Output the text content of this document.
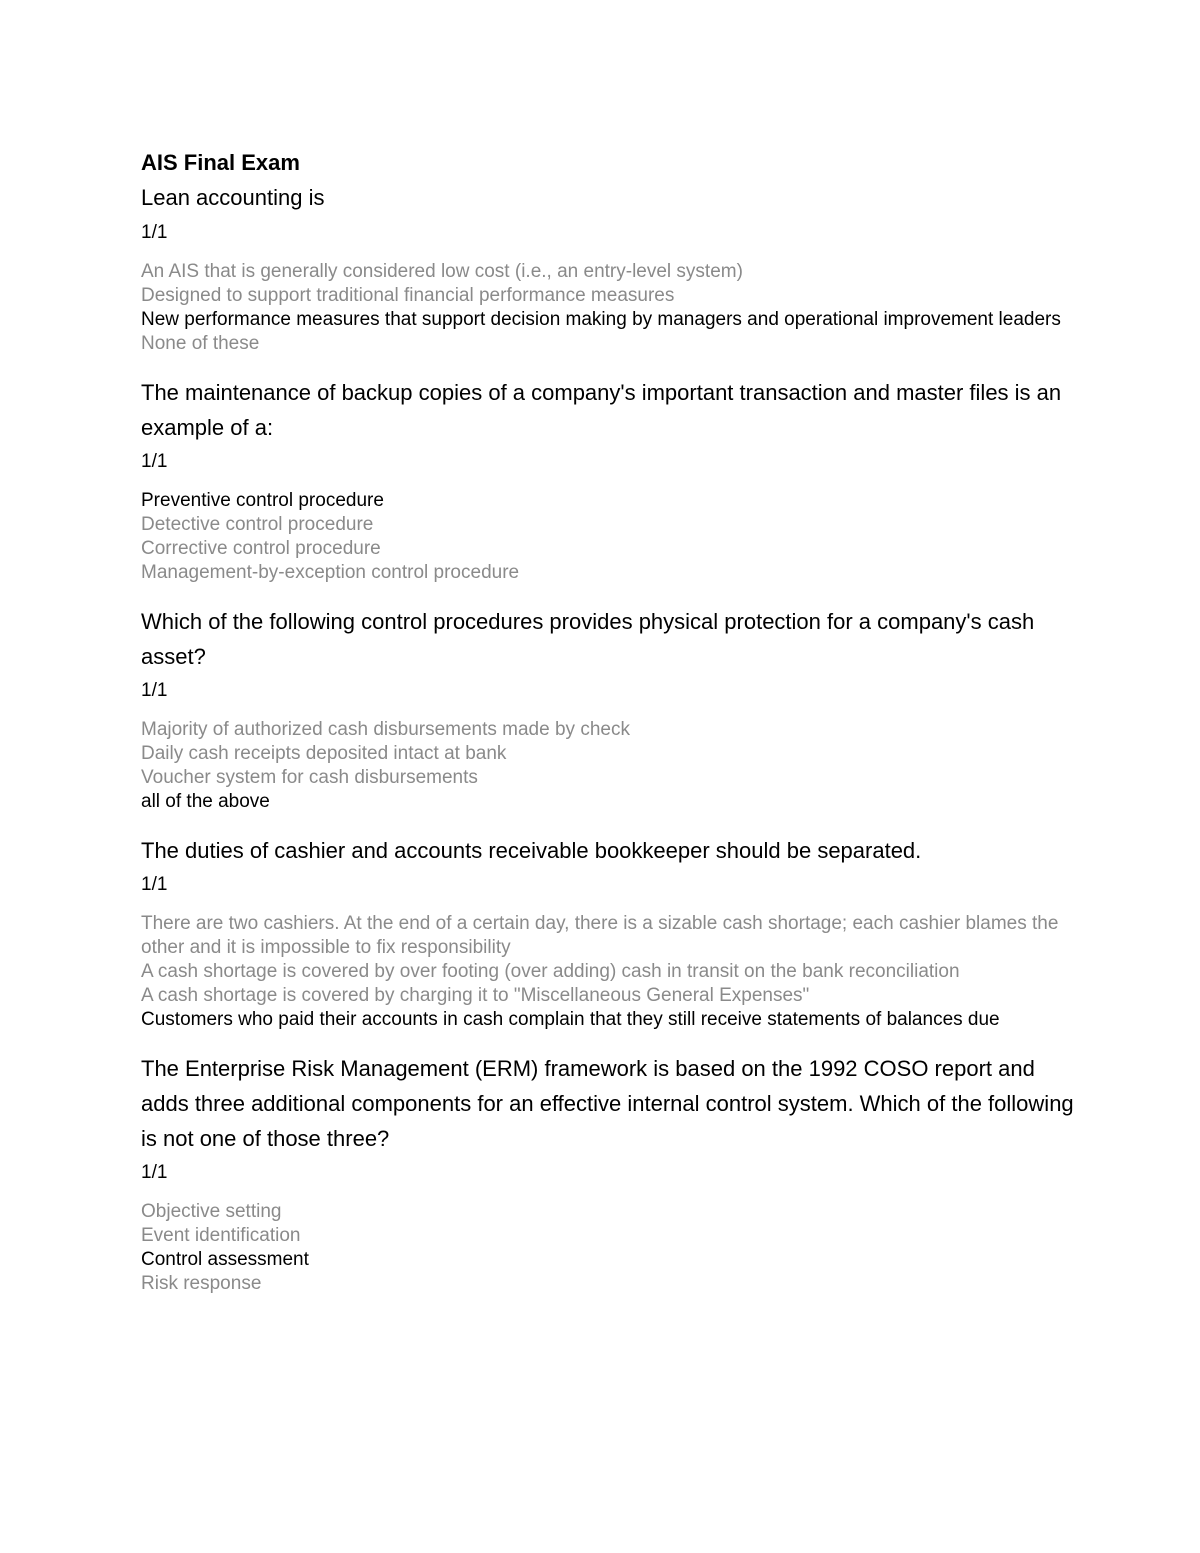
AIS Final Exam

Lean accounting is

1/1

An AIS that is generally considered low cost (i.e., an entry-level system)
Designed to support traditional financial performance measures
New performance measures that support decision making by managers and operational improvement leaders
None of these

The maintenance of backup copies of a company's important transaction and master files is an example of a:

1/1

Preventive control procedure
Detective control procedure
Corrective control procedure
Management-by-exception control procedure

Which of the following control procedures provides physical protection for a company's cash asset?

1/1

Majority of authorized cash disbursements made by check
Daily cash receipts deposited intact at bank
Voucher system for cash disbursements
all of the above

The duties of cashier and accounts receivable bookkeeper should be separated.

1/1

There are two cashiers. At the end of a certain day, there is a sizable cash shortage; each cashier blames the other and it is impossible to fix responsibility
A cash shortage is covered by over footing (over adding) cash in transit on the bank reconciliation
A cash shortage is covered by charging it to "Miscellaneous General Expenses"
Customers who paid their accounts in cash complain that they still receive statements of balances due

The Enterprise Risk Management (ERM) framework is based on the 1992 COSO report and adds three additional components for an effective internal control system. Which of the following is not one of those three?

1/1

Objective setting
Event identification
Control assessment
Risk response
